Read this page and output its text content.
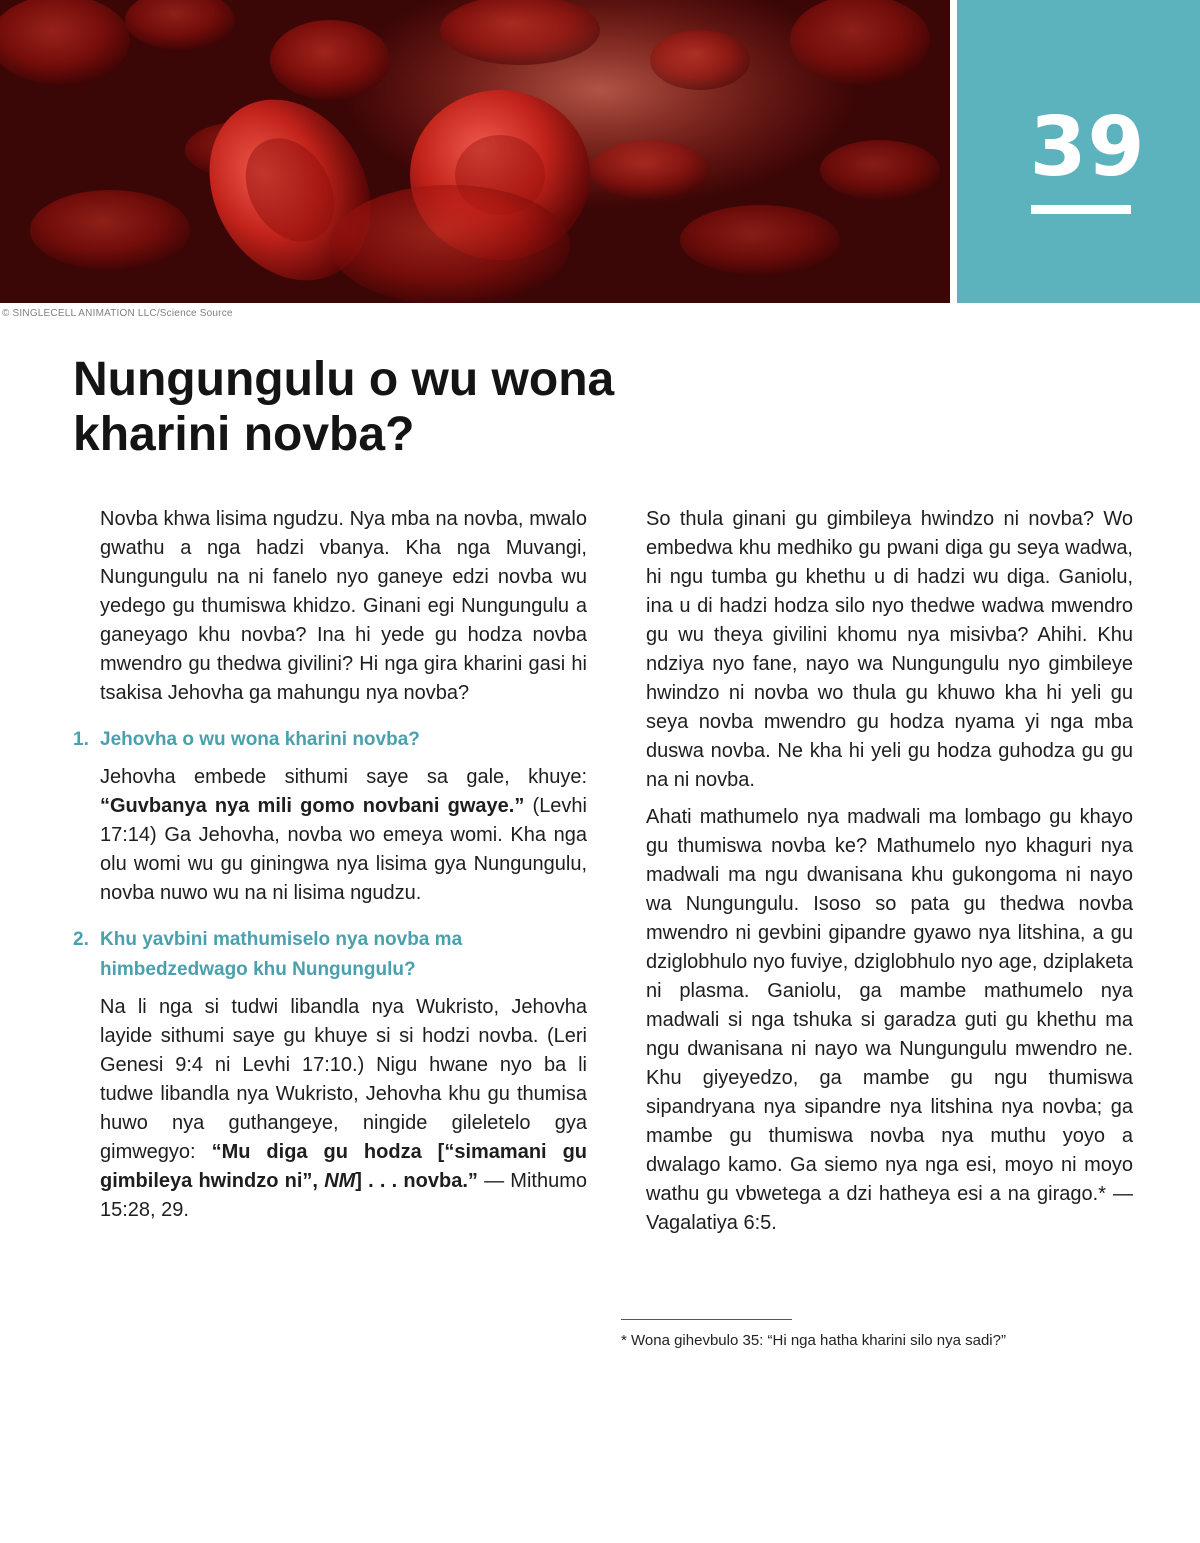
© SINGLECELL ANIMATION LLC/Science Source
39
Nungungulu o wu wona
kharini novba?

Novba khwa lisima ngudzu. Nya mba na novba, mwalo gwathu a nga hadzi vbanya. Kha nga Muvangi, Nungungulu na ni fanelo nyo ganeye edzi novba wu yedego gu thumiswa khidzo. Ginani egi Nungungulu a ganeyago khu novba? Ina hi yede gu hodza novba mwendro gu thedwa givilini? Hi nga gira kharini gasi hi tsakisa Jehovha ga mahungu nya novba?

1. Jehovha o wu wona kharini novba?

Jehovha embede sithumi saye sa gale, khuye: “Guvbanya nya mili gomo novbani gwaye.” (Levhi 17:14) Ga Jehovha, novba wo emeya womi. Kha nga olu womi wu gu giningwa nya lisima gya Nungungulu, novba nuwo wu na ni lisima ngudzu.

2. Khu yavbini mathumiselo nya novba ma himbedzedwago khu Nungungulu?

Na li nga si tudwi libandla nya Wukristo, Jehovha layide sithumi saye gu khuye si si hodzi novba. (Leri Genesi 9:4 ni Levhi 17:10.) Nigu hwane nyo ba li tudwe libandla nya Wukristo, Jehovha khu gu thumisa huwo nya guthangeye, ningide gileletelo gya gimwegyo: “Mu diga gu hodza [“simamani gu gimbileya hwindzo ni”, NM] . . . novba.” — Mithumo 15:28, 29.

So thula ginani gu gimbileya hwindzo ni novba? Wo embedwa khu medhiko gu pwani diga gu seya wadwa, hi ngu tumba gu khethu u di hadzi wu diga. Ganiolu, ina u di hadzi hodza silo nyo thedwe wadwa mwendro gu wu theya givilini khomu nya misivba? Ahihi. Khu ndziya nyo fane, nayo wa Nungungulu nyo gimbileye hwindzo ni novba wo thula gu khuwo kha hi yeli gu seya novba mwendro gu hodza nyama yi nga mba duswa novba. Ne kha hi yeli gu hodza guhodza gu gu na ni novba.

Ahati mathumelo nya madwali ma lombago gu khayo gu thumiswa novba ke? Mathumelo nyo khaguri nya madwali ma ngu dwanisana khu gukongoma ni nayo wa Nungungulu. Isoso so pata gu thedwa novba mwendro ni gevbini gipandre gyawo nya litshina, a gu dziglobhulo nyo fuviye, dziglobhulo nyo age, dziplaketa ni plasma. Ganiolu, ga mambe mathumelo nya madwali si nga tshuka si garadza guti gu khethu ma ngu dwanisana ni nayo wa Nungungulu mwendro ne. Khu giyeyedzo, ga mambe gu ngu thumiswa sipandryana nya sipandre nya litshina nya novba; ga mambe gu thumiswa novba nya muthu yoyo a dwalago kamo. Ga siemo nya nga esi, moyo ni moyo wathu gu vbwetega a dzi hatheya esi a na girago.* — Vagalatiya 6:5.

* Wona gihevbulo 35: “Hi nga hatha kharini silo nya sadi?”
